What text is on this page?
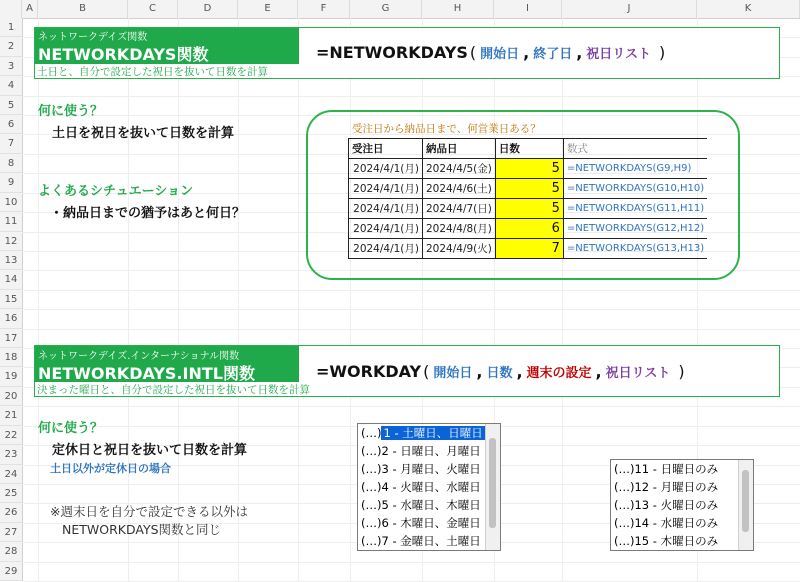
A	B	C	D	E	F	G	H	I	J	K
1
2
3
4
5
6
7
8
9
10
11
12
13
14
15
16
17
18
19
20
21
22
23
24
25
26
27
28
29
ネットワークデイズ関数
NETWORKDAYS関数
土日と、自分で設定した祝日を抜いて日数を計算
=NETWORKDAYS ( 開始日 , 終了日 , 祝日リスト )
何に使う？
土日を祝日を抜いて日数を計算
よくあるシチュエーション
・納品日までの猶予はあと何日？
受注日から納品日まで、何営業日ある？
受注日	納品日	日数	数式
2024/4/1(月)	2024/4/5(金)	5	=NETWORKDAYS(G9,H9)
2024/4/1(月)	2024/4/6(土)	5	=NETWORKDAYS(G10,H10)
2024/4/1(月)	2024/4/7(日)	5	=NETWORKDAYS(G11,H11)
2024/4/1(月)	2024/4/8(月)	6	=NETWORKDAYS(G12,H12)
2024/4/1(月)	2024/4/9(火)	7	=NETWORKDAYS(G13,H13)
ネットワークデイズ.インターナショナル関数
NETWORKDAYS.INTL関数
決まった曜日と、自分で設定した祝日を抜いて日数を計算
=WORKDAY ( 開始日 , 日数 , 週末の設定 , 祝日リスト )
何に使う？
定休日と祝日を抜いて日数を計算
土日以外が定休日の場合
※週末日を自分で設定できる以外は
NETWORKDAYS関数と同じ
(…) 1 - 土曜日、日曜日
(…)2 - 日曜日、月曜日
(…)3 - 月曜日、火曜日
(…)4 - 火曜日、水曜日
(…)5 - 水曜日、木曜日
(…)6 - 木曜日、金曜日
(…)7 - 金曜日、土曜日
(…)11 - 日曜日のみ
(…)12 - 月曜日のみ
(…)13 - 火曜日のみ
(…)14 - 水曜日のみ
(…)15 - 木曜日のみ
